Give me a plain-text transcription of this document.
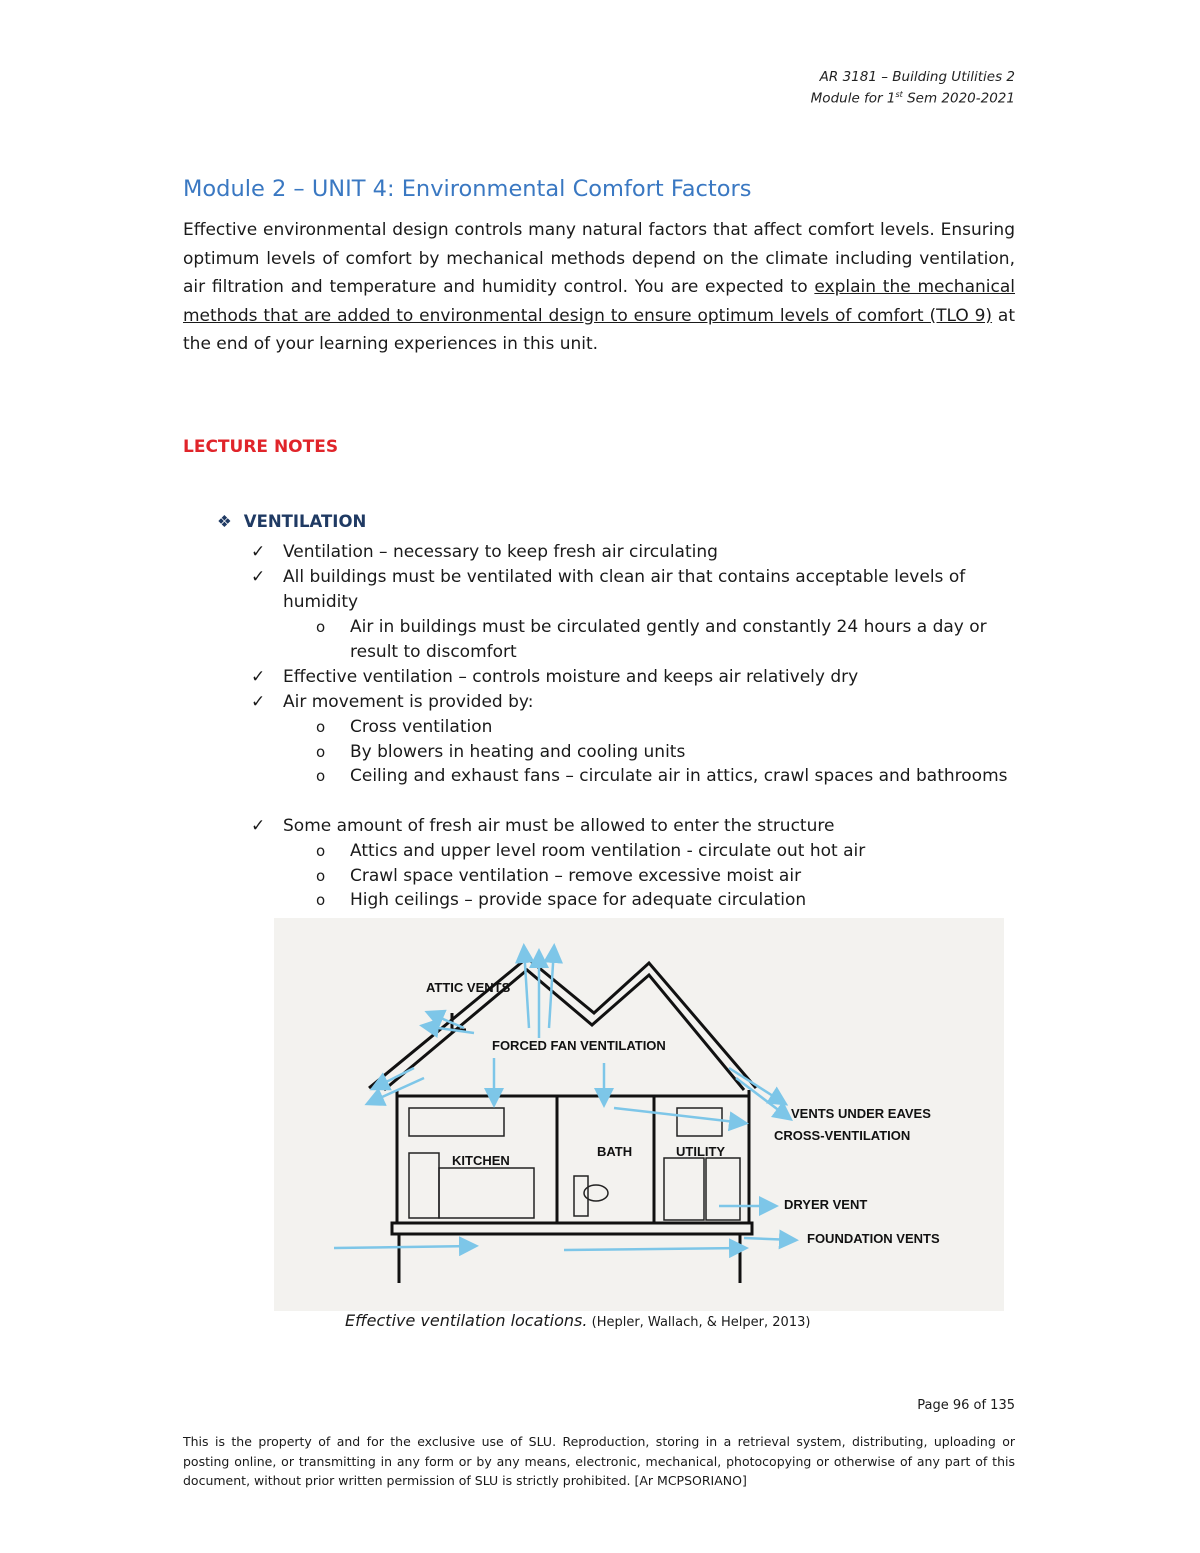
AR 3181 – Building Utilities 2
Module for 1st Sem 2020-2021
Module 2 – UNIT 4: Environmental Comfort Factors
Effective environmental design controls many natural factors that affect comfort levels. Ensuring optimum levels of comfort by mechanical methods depend on the climate including ventilation, air filtration and temperature and humidity control. You are expected to explain the mechanical methods that are added to environmental design to ensure optimum levels of comfort (TLO 9) at the end of your learning experiences in this unit.
LECTURE NOTES
❖ VENTILATION
✓ Ventilation – necessary to keep fresh air circulating
✓ All buildings must be ventilated with clean air that contains acceptable levels of humidity
o Air in buildings must be circulated gently and constantly 24 hours a day or result to discomfort
✓ Effective ventilation – controls moisture and keeps air relatively dry
✓ Air movement is provided by:
o Cross ventilation
o By blowers in heating and cooling units
o Ceiling and exhaust fans – circulate air in attics, crawl spaces and bathrooms
✓ Some amount of fresh air must be allowed to enter the structure
o Attics and upper level room ventilation - circulate out hot air
o Crawl space ventilation – remove excessive moist air
o High ceilings – provide space for adequate circulation
ATTIC VENTS
FORCED FAN VENTILATION
VENTS UNDER EAVES
CROSS-VENTILATION
KITCHEN
BATH	UTILITY
DRYER VENT
FOUNDATION VENTS
Effective ventilation locations. (Hepler, Wallach, & Helper, 2013)
Page 96 of 135
This is the property of and for the exclusive use of SLU. Reproduction, storing in a retrieval system, distributing, uploading or posting online, or transmitting in any form or by any means, electronic, mechanical, photocopying or otherwise of any part of this document, without prior written permission of SLU is strictly prohibited. [Ar MCPSORIANO]
